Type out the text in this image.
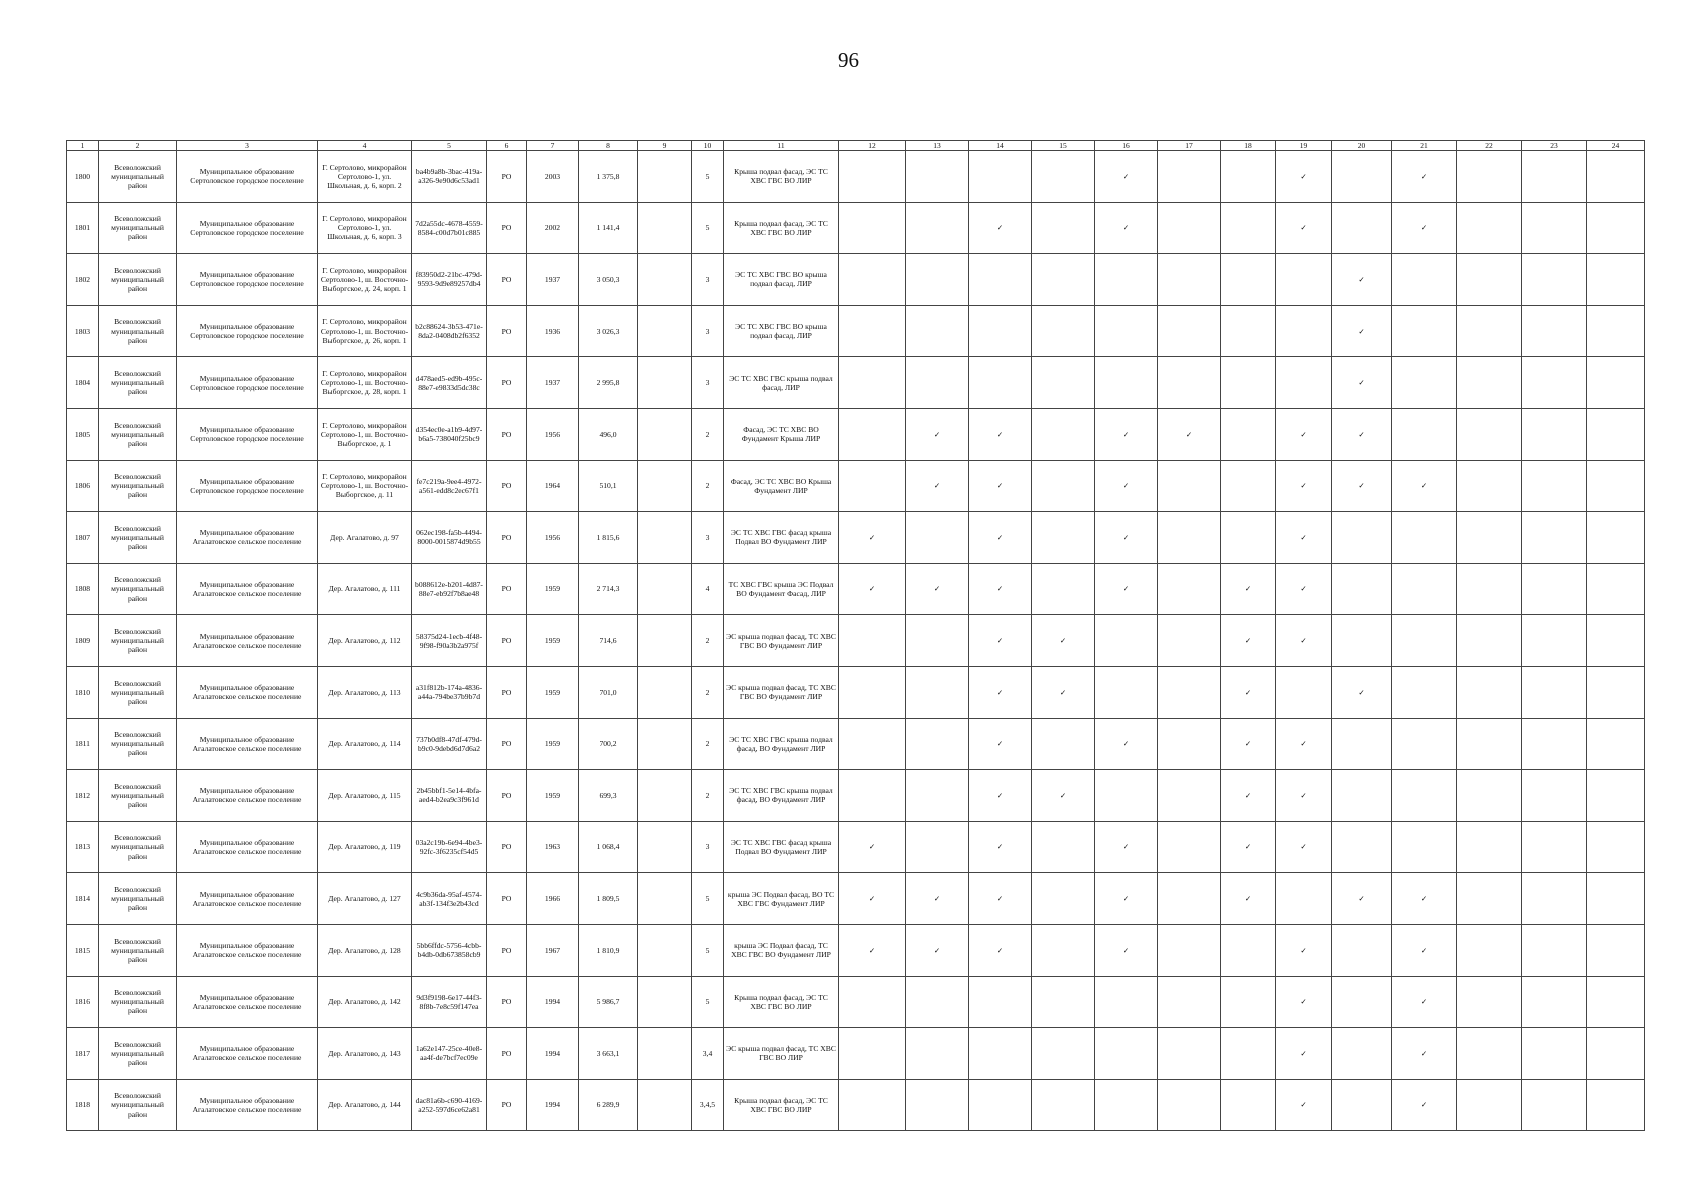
96
1	2	3	4	5	6	7	8	9	10	11	12	13	14	15	16	17	18	19	20	21	22	23	24
1800	Всеволожский муниципальный район	Муниципальное образование Сертоловское городское поселение	Г. Сертолово, микрорайон Сертолово-1, ул. Школьная, д. 6, корп. 2	ba4b9a8b-3bac-419a-a326-9e90d6c53ad1	РО	2003	1 375,8		5	Крыша подвал фасад, ЭС ТС ХВС ГВС ВО ЛИР					✓			✓		✓			
1801	Всеволожский муниципальный район	Муниципальное образование Сертоловское городское поселение	Г. Сертолово, микрорайон Сертолово-1, ул. Школьная, д. 6, корп. 3	7d2a55dc-4678-4559-8584-c00d7b01c885	РО	2002	1 141,4		5	Крыша подвал фасад, ЭС ТС ХВС ГВС ВО ЛИР			✓		✓			✓		✓			
1802	Всеволожский муниципальный район	Муниципальное образование Сертоловское городское поселение	Г. Сертолово, микрорайон Сертолово-1, ш. Восточно-Выборгское, д. 24, корп. 1	f83950d2-21bc-479d-9593-9d9e89257db4	РО	1937	3 050,3		3	ЭС ТС ХВС ГВС ВО крыша подвал фасад, ЛИР									✓				
1803	Всеволожский муниципальный район	Муниципальное образование Сертоловское городское поселение	Г. Сертолово, микрорайон Сертолово-1, ш. Восточно-Выборгское, д. 26, корп. 1	b2c88624-3b53-471e-8da2-0408db2f6352	РО	1936	3 026,3		3	ЭС ТС ХВС ГВС ВО крыша подвал фасад, ЛИР									✓				
1804	Всеволожский муниципальный район	Муниципальное образование Сертоловское городское поселение	Г. Сертолово, микрорайон Сертолово-1, ш. Восточно-Выборгское, д. 28, корп. 1	d478aed5-ed9b-495c-88e7-e9833d5dc38c	РО	1937	2 995,8		3	ЭС ТС ХВС ГВС крыша подвал фасад, ЛИР									✓				
1805	Всеволожский муниципальный район	Муниципальное образование Сертоловское городское поселение	Г. Сертолово, микрорайон Сертолово-1, ш. Восточно-Выборгское, д. 1	d354ec0e-a1b9-4d97-b6a5-738040f25bc9	РО	1956	496,0		2	Фасад, ЭС ТС ХВС ВО Фундамент Крыша ЛИР		✓	✓		✓	✓		✓	✓				
1806	Всеволожский муниципальный район	Муниципальное образование Сертоловское городское поселение	Г. Сертолово, микрорайон Сертолово-1, ш. Восточно-Выборгское, д. 11	fe7c219a-9ee4-4972-a561-edd8c2ec67f1	РО	1964	510,1		2	Фасад, ЭС ТС ХВС ВО Крыша Фундамент ЛИР		✓	✓		✓			✓	✓	✓			
1807	Всеволожский муниципальный район	Муниципальное образование Агалатовское сельское поселение	Дер. Агалатово, д. 97	062ec198-fa5b-4494-8000-0015874d9b55	РО	1956	1 815,6		3	ЭС ТС ХВС ГВС фасад крыша Подвал ВО Фундамент ЛИР	✓		✓		✓			✓					
1808	Всеволожский муниципальный район	Муниципальное образование Агалатовское сельское поселение	Дер. Агалатово, д. 111	b088612e-b201-4d87-88e7-eb92f7b8ae48	РО	1959	2 714,3		4	ТС ХВС ГВС крыша ЭС Подвал ВО Фундамент Фасад, ЛИР	✓	✓	✓		✓		✓	✓					
1809	Всеволожский муниципальный район	Муниципальное образование Агалатовское сельское поселение	Дер. Агалатово, д. 112	58375d24-1ecb-4f48-9f98-f90a3b2a975f	РО	1959	714,6		2	ЭС крыша подвал фасад, ТС ХВС ГВС ВО Фундамент ЛИР			✓	✓			✓	✓					
1810	Всеволожский муниципальный район	Муниципальное образование Агалатовское сельское поселение	Дер. Агалатово, д. 113	a31f812b-174a-4836-a44a-794be37b9b7d	РО	1959	701,0		2	ЭС крыша подвал фасад, ТС ХВС ГВС ВО Фундамент ЛИР			✓	✓			✓		✓				
1811	Всеволожский муниципальный район	Муниципальное образование Агалатовское сельское поселение	Дер. Агалатово, д. 114	737b0df8-47df-479d-b9c0-9debd6d7d6a2	РО	1959	700,2		2	ЭС ТС ХВС ГВС крыша подвал фасад, ВО Фундамент ЛИР			✓		✓		✓	✓					
1812	Всеволожский муниципальный район	Муниципальное образование Агалатовское сельское поселение	Дер. Агалатово, д. 115	2b45bbf1-5e14-4bfa-aed4-b2ea9c3f961d	РО	1959	699,3		2	ЭС ТС ХВС ГВС крыша подвал фасад, ВО Фундамент ЛИР			✓	✓			✓	✓					
1813	Всеволожский муниципальный район	Муниципальное образование Агалатовское сельское поселение	Дер. Агалатово, д. 119	03a2c19b-6e94-4be3-92fc-3f6235cf54d5	РО	1963	1 068,4		3	ЭС ТС ХВС ГВС фасад крыша Подвал ВО Фундамент ЛИР	✓		✓		✓		✓	✓					
1814	Всеволожский муниципальный район	Муниципальное образование Агалатовское сельское поселение	Дер. Агалатово, д. 127	4c9b36da-95af-4574-ab3f-134f3e2b43cd	РО	1966	1 809,5		5	крыша ЭС Подвал фасад, ВО ТС ХВС ГВС Фундамент ЛИР	✓	✓	✓		✓		✓		✓	✓			
1815	Всеволожский муниципальный район	Муниципальное образование Агалатовское сельское поселение	Дер. Агалатово, д. 128	5bb6ffdc-5756-4cbb-b4db-0db673858cb9	РО	1967	1 810,9		5	крыша ЭС Подвал фасад, ТС ХВС ГВС ВО Фундамент ЛИР	✓	✓	✓		✓			✓		✓			
1816	Всеволожский муниципальный район	Муниципальное образование Агалатовское сельское поселение	Дер. Агалатово, д. 142	9d3f9198-6e17-44f3-8f8b-7e8c59f147ea	РО	1994	5 986,7		5	Крыша подвал фасад, ЭС ТС ХВС ГВС ВО ЛИР								✓		✓			
1817	Всеволожский муниципальный район	Муниципальное образование Агалатовское сельское поселение	Дер. Агалатово, д. 143	1a62e147-25ce-40e8-aa4f-de7bcf7ec09e	РО	1994	3 663,1		3,4	ЭС крыша подвал фасад, ТС ХВС ГВС ВО ЛИР								✓		✓			
1818	Всеволожский муниципальный район	Муниципальное образование Агалатовское сельское поселение	Дер. Агалатово, д. 144	dac81a6b-c690-4169-a252-597d6ce62a81	РО	1994	6 289,9		3,4,5	Крыша подвал фасад, ЭС ТС ХВС ГВС ВО ЛИР								✓		✓			
